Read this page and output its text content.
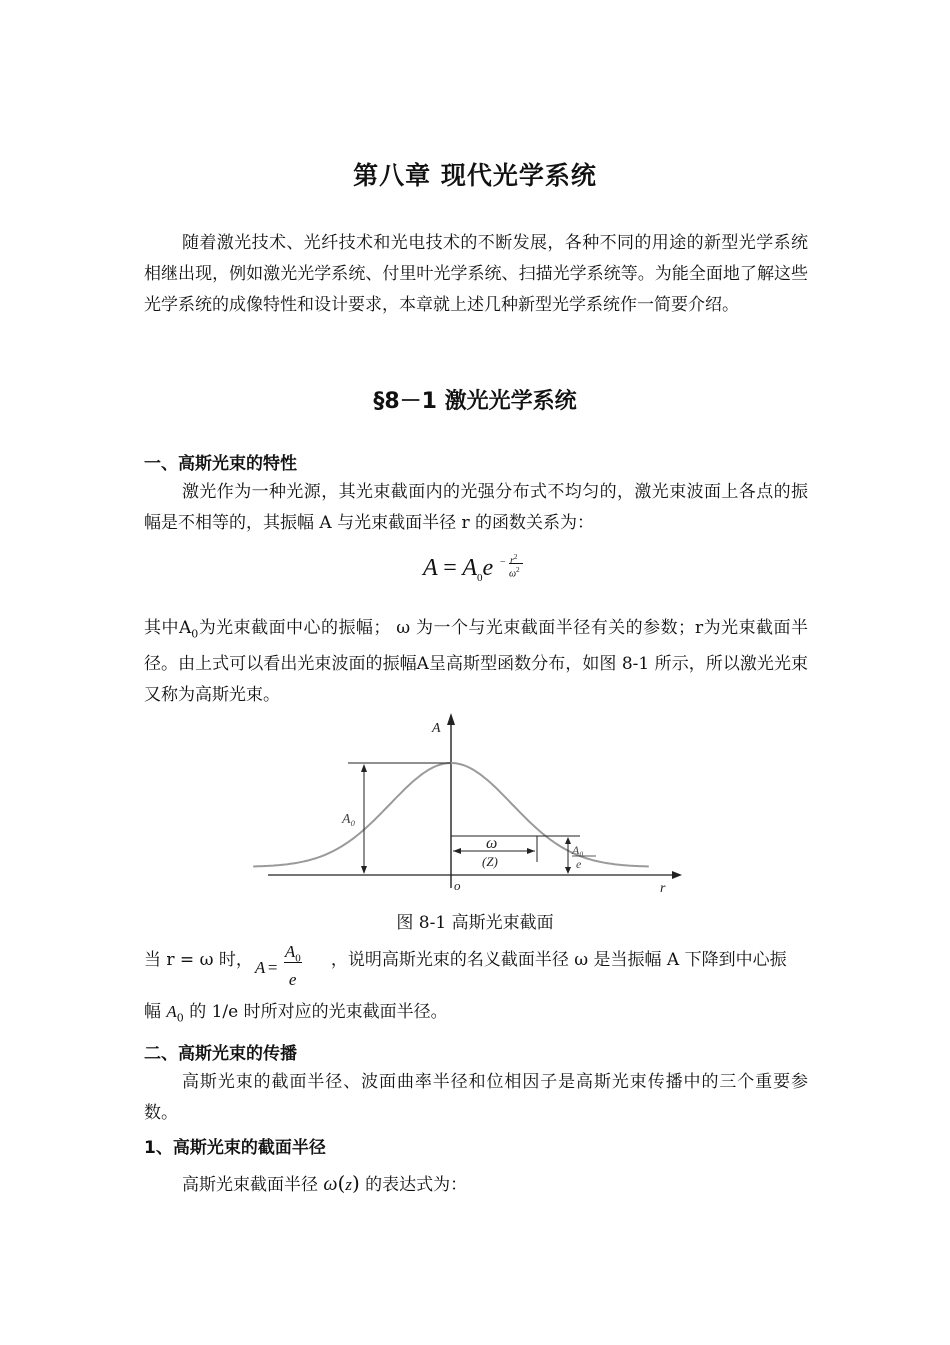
第八章 现代光学系统
随着激光技术、光纤技术和光电技术的不断发展，各种不同的用途的新型光学系统相继出现，例如激光光学系统、付里叶光学系统、扫描光学系统等。为能全面地了解这些光学系统的成像特性和设计要求，本章就上述几种新型光学系统作一简要介绍。
§8－1 激光光学系统
一、高斯光束的特性
激光作为一种光源，其光束截面内的光强分布式不均匀的，激光束波面上各点的振幅是不相等的，其振幅 A 与光束截面半径 r 的函数关系为：
$A = A_0e - r^2$
$\omega^2$
其中$A_0$为光束截面中心的振幅； ω 为一个与光束截面半径有关的参数；r为光束截面半径。由上式可以看出光束波面的振幅A呈高斯型函数分布，如图 8-1 所示，所以激光光束又称为高斯光束。
A
r
o
A₀
ω
(Z)
A₀
e
图 8-1 高斯光束截面
当 r = ω 时， A =
$A_0$
e
，说明高斯光束的名义截面半径 ω 是当振幅 A 下降到中心振
幅 $A_0$ 的 1/e 时所对应的光束截面半径。
二、高斯光束的传播
高斯光束的截面半径、波面曲率半径和位相因子是高斯光束传播中的三个重要参数。
1、高斯光束的截面半径
高斯光束截面半径 ω(z) 的表达式为：
